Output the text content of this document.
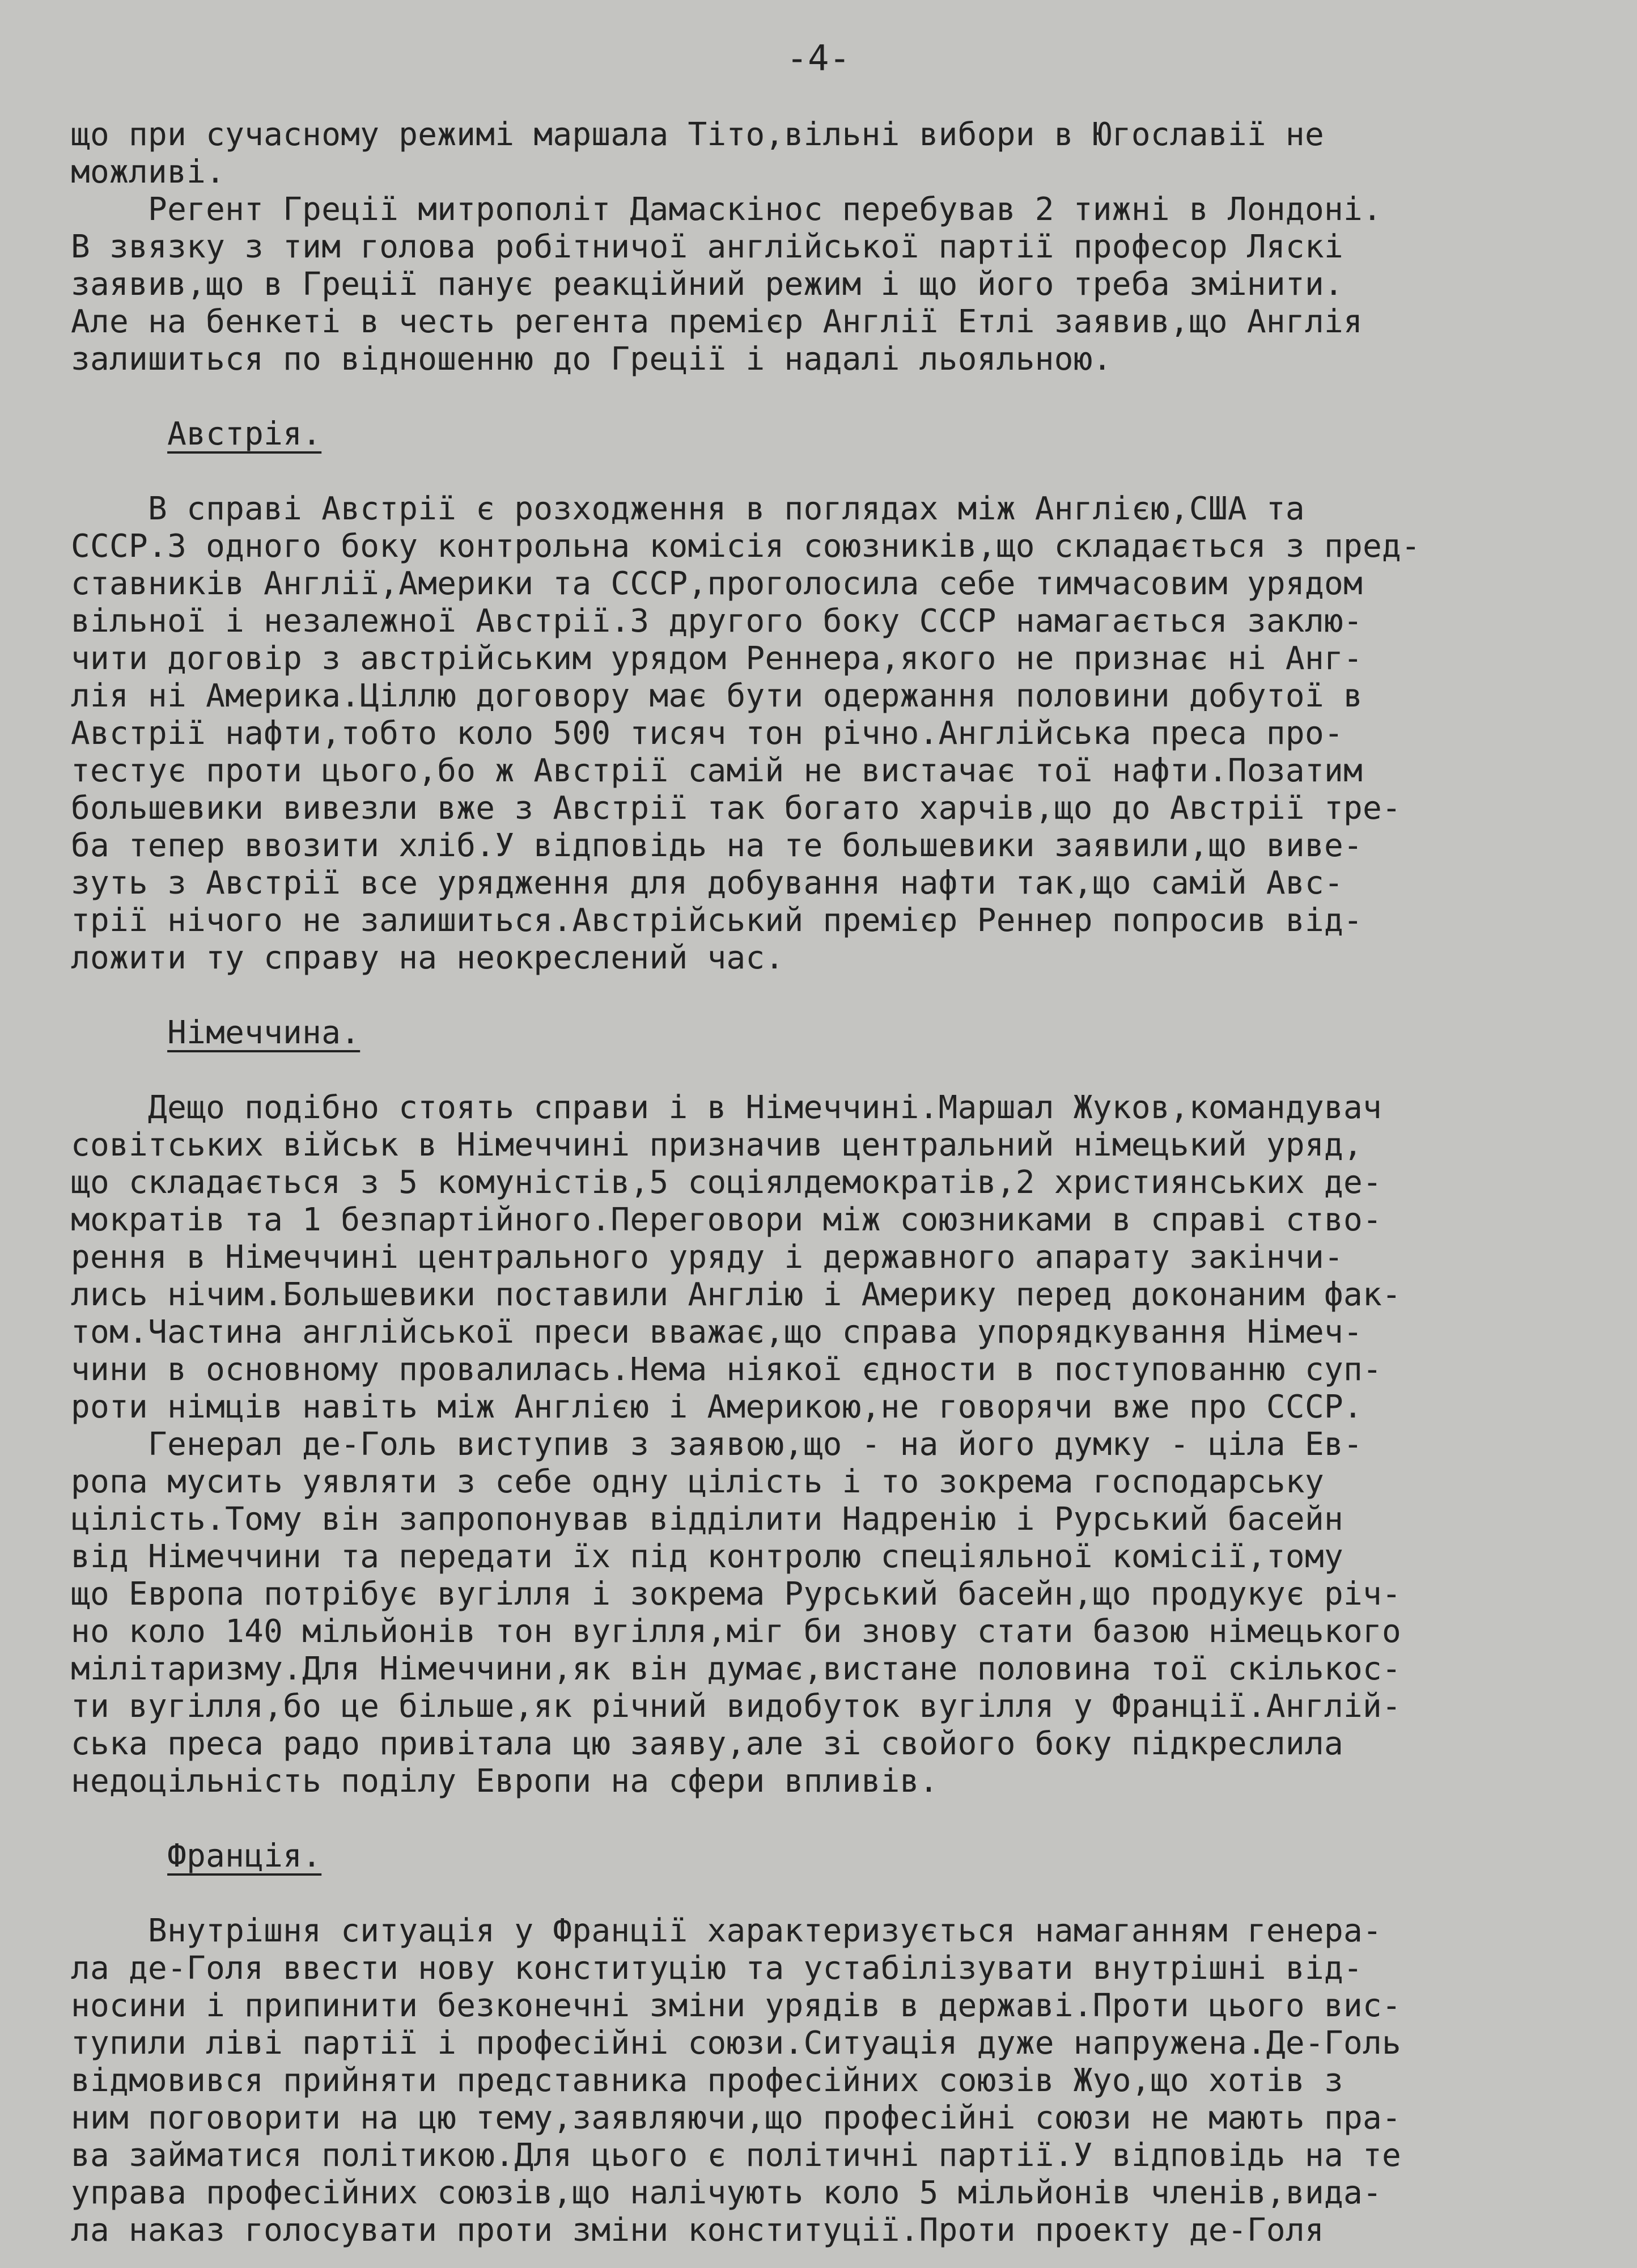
-4-
що при сучасному режимі маршала Тіто,вільні вибори в Югославії не
можливі.
Регент Греції митрополіт Дамаскінос перебував 2 тижні в Лондоні.
В звязку з тим голова робітничої англійської партії професор Ляскі
заявив,що в Греції панує реакційний режим і що його треба змінити.
Але на бенкеті в честь регента премієр Англії Етлі заявив,що Англія
залишиться по відношенню до Греції і надалі льояльною.
Австрія.
В справі Австрії є розходження в поглядах між Англією,США та
СССР.З одного боку контрольна комісія союзників,що складається з пред-
ставників Англії,Америки та СССР,проголосила себе тимчасовим урядом
вільної і незалежної Австрії.З другого боку СССР намагається заклю-
чити договір з австрійським урядом Реннера,якого не признає ні Анг-
лія ні Америка.Ціллю договору має бути одержання половини добутої в
Австрії нафти,тобто коло 500 тисяч тон річно.Англійська преса про-
тестує проти цього,бо ж Австрії самій не вистачає тої нафти.Позатим
большевики вивезли вже з Австрії так богато харчів,що до Австрії тре-
ба тепер ввозити хліб.У відповідь на те большевики заявили,що виве-
зуть з Австрії все урядження для добування нафти так,що самій Авс-
трії нічого не залишиться.Австрійський премієр Реннер попросив від-
ложити ту справу на неокреслений час.
Німеччина.
Дещо подібно стоять справи і в Німеччині.Маршал Жуков,командувач
совітських військ в Німеччині призначив центральний німецький уряд,
що складається з 5 комуністів,5 соціялдемократів,2 християнських де-
мократів та 1 безпартійного.Переговори між союзниками в справі ство-
рення в Німеччині центрального уряду і державного апарату закінчи-
лись нічим.Большевики поставили Англію і Америку перед доконаним фак-
том.Частина англійської преси вважає,що справа упорядкування Німеч-
чини в основному провалилась.Нема ніякої єдности в поступованню суп-
роти німців навіть між Англією і Америкою,не говорячи вже про СССР.
Генерал де-Голь виступив з заявою,що - на його думку - ціла Ев-
ропа мусить уявляти з себе одну цілість і то зокрема господарську
цілість.Тому він запропонував відділити Надренію і Рурський басейн
від Німеччини та передати їх під контролю спеціяльної комісії,тому
що Европа потрібує вугілля і зокрема Рурський басейн,що продукує річ-
но коло 140 мільйонів тон вугілля,міг би знову стати базою німецького
мілітаризму.Для Німеччини,як він думає,вистане половина тої скількос-
ти вугілля,бо це більше,як річний видобуток вугілля у Франції.Англій-
ська преса радо привітала цю заяву,але зі свойого боку підкреслила
недоцільність поділу Европи на сфери впливів.
Франція.
Внутрішня ситуація у Франції характеризується намаганням генера-
ла де-Голя ввести нову конституцію та устабілізувати внутрішні від-
носини і припинити безконечні зміни урядів в державі.Проти цього вис-
тупили ліві партії і професійні союзи.Ситуація дуже напружена.Де-Голь
відмовився прийняти представника професійних союзів Жуо,що хотів з
ним поговорити на цю тему,заявляючи,що професійні союзи не мають пра-
ва займатися політикою.Для цього є політичні партії.У відповідь на те
управа професійних союзів,що налічують коло 5 мільйонів членів,вида-
ла наказ голосувати проти зміни конституції.Проти проекту де-Голя
